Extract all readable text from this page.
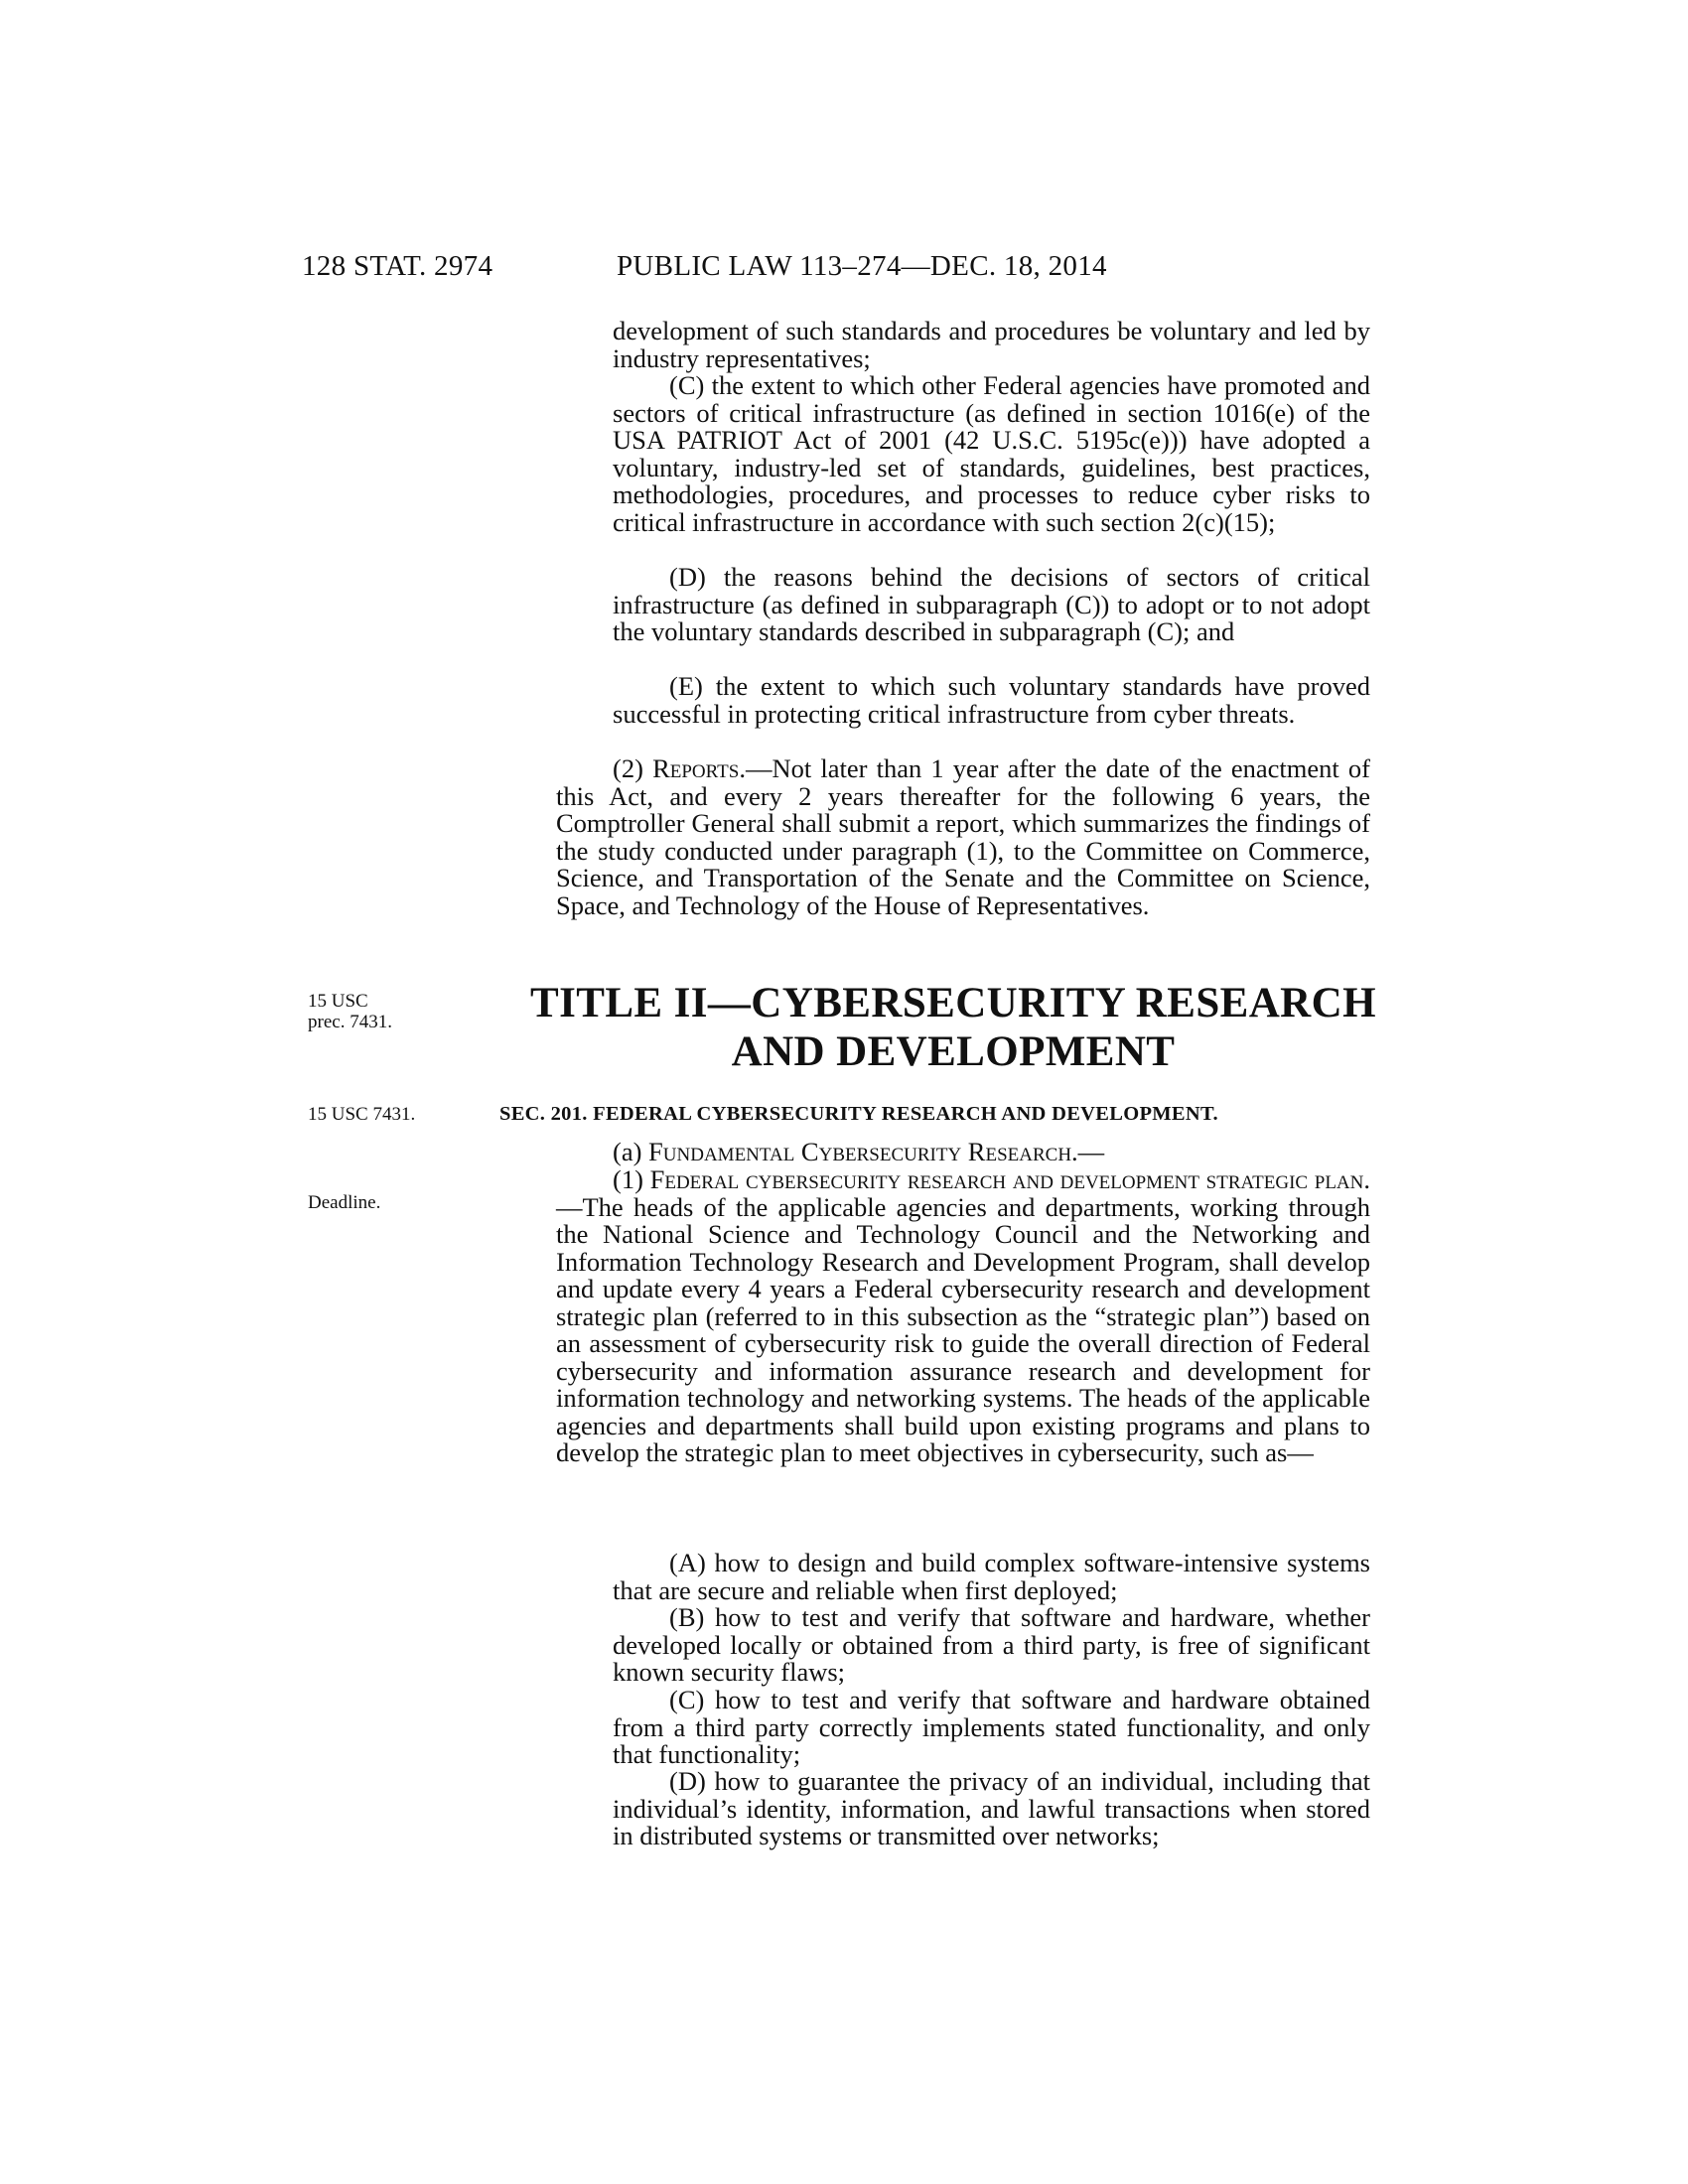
128 STAT. 2974	PUBLIC LAW 113–274—DEC. 18, 2014

development of such standards and procedures be voluntary and led by industry representatives;

(C) the extent to which other Federal agencies have promoted and sectors of critical infrastructure (as defined in section 1016(e) of the USA PATRIOT Act of 2001 (42 U.S.C. 5195c(e))) have adopted a voluntary, industry-led set of standards, guidelines, best practices, methodologies, procedures, and processes to reduce cyber risks to critical infrastructure in accordance with such section 2(c)(15);

(D) the reasons behind the decisions of sectors of critical infrastructure (as defined in subparagraph (C)) to adopt or to not adopt the voluntary standards described in subparagraph (C); and

(E) the extent to which such voluntary standards have proved successful in protecting critical infrastructure from cyber threats.

(2) Reports.—Not later than 1 year after the date of the enactment of this Act, and every 2 years thereafter for the following 6 years, the Comptroller General shall submit a report, which summarizes the findings of the study conducted under paragraph (1), to the Committee on Commerce, Science, and Transportation of the Senate and the Committee on Science, Space, and Technology of the House of Representatives.

15 USC
prec. 7431.
15 USC 7431.
Deadline.
TITLE II—CYBERSECURITY RESEARCH
AND DEVELOPMENT
SEC. 201. FEDERAL CYBERSECURITY RESEARCH AND DEVELOPMENT.

(a) Fundamental Cybersecurity Research.—

(1) Federal cybersecurity research and development strategic plan.—The heads of the applicable agencies and departments, working through the National Science and Technology Council and the Networking and Information Technology Research and Development Program, shall develop and update every 4 years a Federal cybersecurity research and development strategic plan (referred to in this subsection as the “strategic plan”) based on an assessment of cybersecurity risk to guide the overall direction of Federal cybersecurity and information assurance research and development for information technology and networking systems. The heads of the applicable agencies and departments shall build upon existing programs and plans to develop the strategic plan to meet objectives in cybersecurity, such as—

(A) how to design and build complex software-intensive systems that are secure and reliable when first deployed;

(B) how to test and verify that software and hardware, whether developed locally or obtained from a third party, is free of significant known security flaws;

(C) how to test and verify that software and hardware obtained from a third party correctly implements stated functionality, and only that functionality;

(D) how to guarantee the privacy of an individual, including that individual’s identity, information, and lawful transactions when stored in distributed systems or transmitted over networks;
